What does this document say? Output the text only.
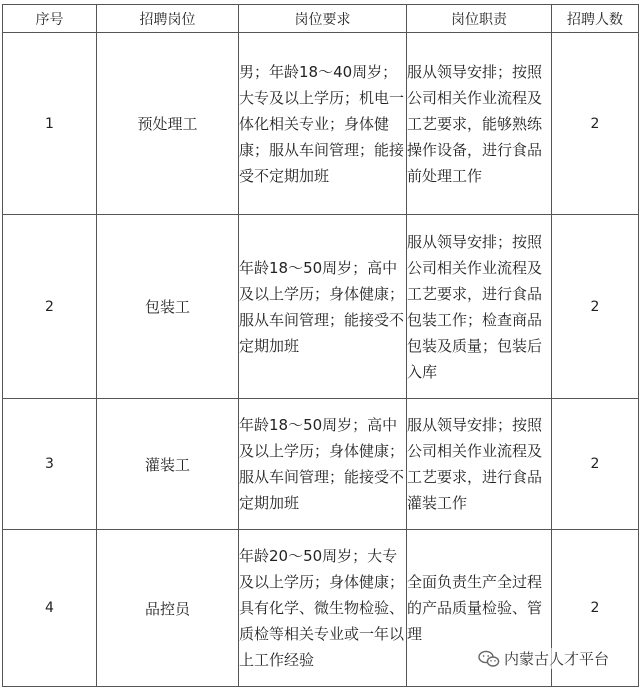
序号	招聘岗位	岗位要求	岗位职责	招聘人数
1	预处理工	男；年龄18～40周岁；大专及以上学历；机电一体化相关专业；身体健康；服从车间管理；能接受不定期加班	服从领导安排；按照公司相关作业流程及工艺要求，能够熟练操作设备，进行食品前处理工作	2
2	包装工	年龄18～50周岁；高中及以上学历；身体健康；服从车间管理；能接受不定期加班	服从领导安排；按照公司相关作业流程及工艺要求，进行食品包装工作；检查商品包装及质量；包装后入库	2
3	灌装工	年龄18～50周岁；高中及以上学历；身体健康；服从车间管理；能接受不定期加班	服从领导安排；按照公司相关作业流程及工艺要求，进行食品灌装工作	2
4	品控员	年龄20～50周岁；大专及以上学历；身体健康；具有化学、微生物检验、质检等相关专业或一年以上工作经验	全面负责生产全过程的产品质量检验、管理	2
内蒙古人才平台
